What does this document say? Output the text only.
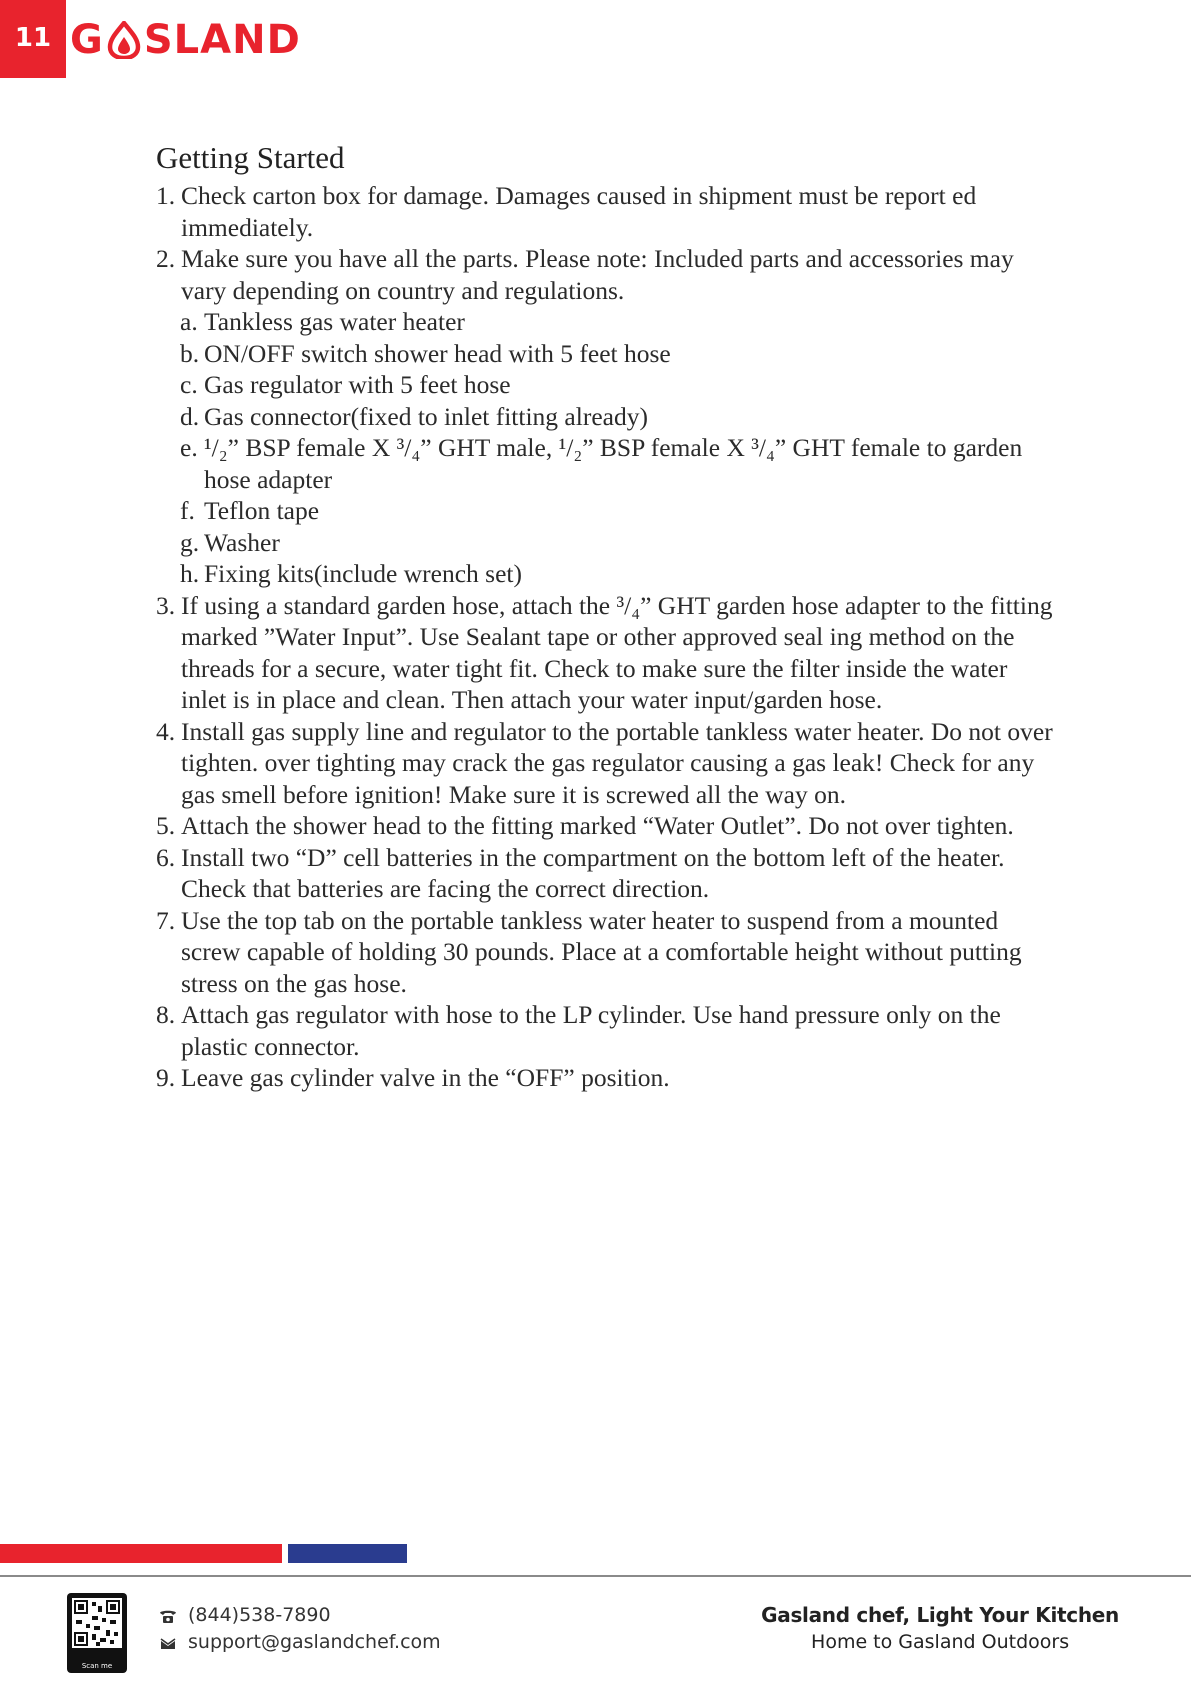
11 G SLAND
Getting Started
1. Check carton box for damage. Damages caused in shipment must be report ed immediately.
2. Make sure you have all the parts. Please note: Included parts and accessories may vary depending on country and regulations.
a. Tankless gas water heater
b. ON/OFF switch shower head with 5 feet hose
c. Gas regulator with 5 feet hose
d. Gas connector(fixed to inlet fitting already)
e. ¹/₂” BSP female X ³/₄” GHT male, ¹/₂” BSP female X ³/₄” GHT female to garden hose adapter
f. Teflon tape
g. Washer
h. Fixing kits(include wrench set)
3. If using a standard garden hose, attach the ³/₄” GHT garden hose adapter to the fitting marked ”Water Input”. Use Sealant tape or other approved seal ing method on the threads for a secure, water tight fit. Check to make sure the filter inside the water inlet is in place and clean. Then attach your water input/garden hose.
4. Install gas supply line and regulator to the portable tankless water heater. Do not over tighten. over tighting may crack the gas regulator causing a gas leak! Check for any gas smell before ignition! Make sure it is screwed all the way on.
5. Attach the shower head to the fitting marked “Water Outlet”. Do not over tighten.
6. Install two “D” cell batteries in the compartment on the bottom left of the heater. Check that batteries are facing the correct direction.
7. Use the top tab on the portable tankless water heater to suspend from a mounted screw capable of holding 30 pounds. Place at a comfortable height without putting stress on the gas hose.
8. Attach gas regulator with hose to the LP cylinder. Use hand pressure only on the plastic connector.
9. Leave gas cylinder valve in the “OFF” position.
Scan me
(844)538-7890
support@gaslandchef.com
Gasland chef, Light Your Kitchen
Home to Gasland Outdoors
